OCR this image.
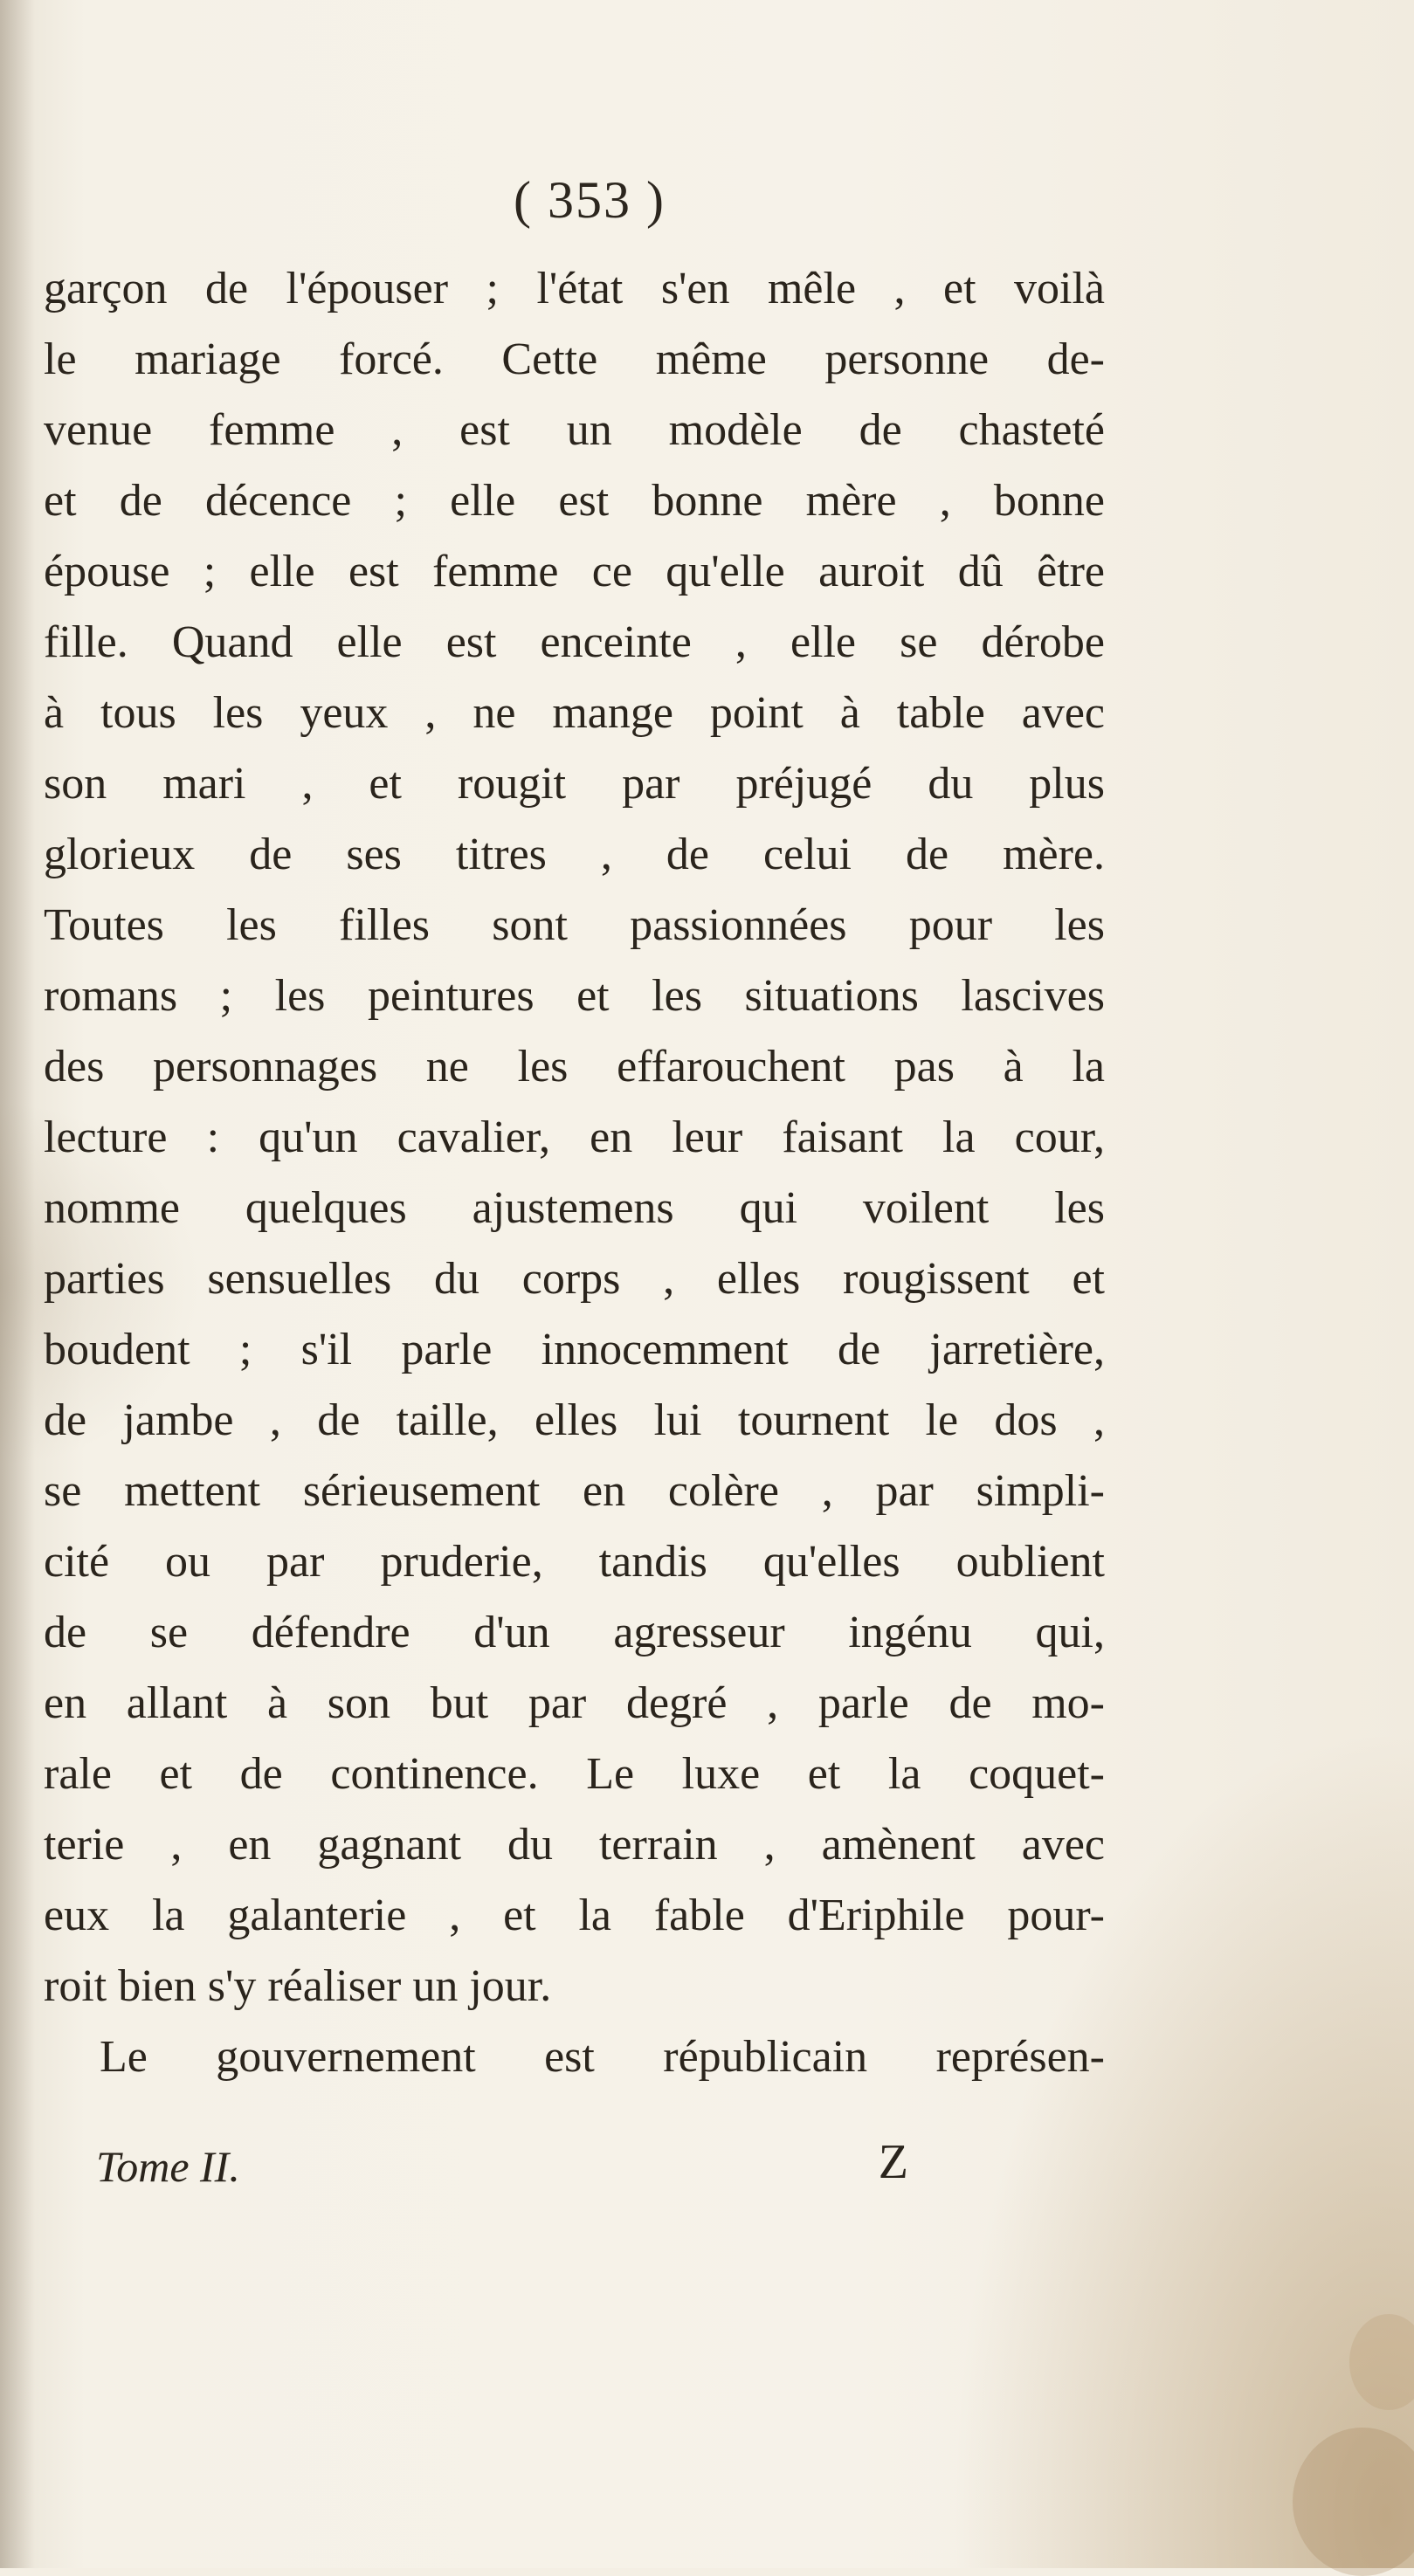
( 353 )
garçon de l'épouser ; l'état s'en mêle , et voilà
le mariage forcé. Cette même personne de-
venue femme , est un modèle de chasteté
et de décence ; elle est bonne mère , bonne
épouse ; elle est femme ce qu'elle auroit dû être
fille. Quand elle est enceinte , elle se dérobe
à tous les yeux , ne mange point à table avec
son mari , et rougit par préjugé du plus
glorieux de ses titres , de celui de mère.
Toutes les filles sont passionnées pour les
romans ; les peintures et les situations lascives
des personnages ne les effarouchent pas à la
lecture : qu'un cavalier, en leur faisant la cour,
nomme quelques ajustemens qui voilent les
parties sensuelles du corps , elles rougissent et
boudent ; s'il parle innocemment de jarretière,
de jambe , de taille, elles lui tournent le dos ,
se mettent sérieusement en colère , par simpli-
cité ou par pruderie, tandis qu'elles oublient
de se défendre d'un agresseur ingénu qui,
en allant à son but par degré , parle de mo-
rale et de continence. Le luxe et la coquet-
terie , en gagnant du terrain , amènent avec
eux la galanterie , et la fable d'Eriphile pour-
roit bien s'y réaliser un jour.
Le gouvernement est républicain représen-
Tome II.	Z
